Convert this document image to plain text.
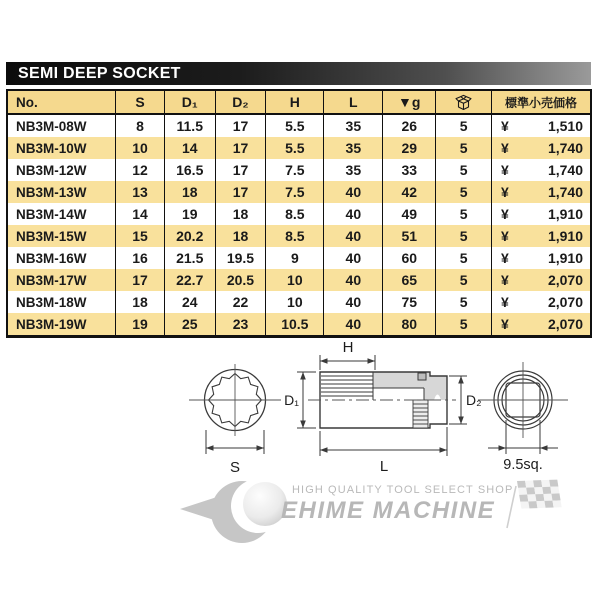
SEMI DEEP SOCKET
No.	S	D₁	D₂	H	L	▼g		標準小売価格
NB3M-08W	8	11.5	17	5.5	35	26	5	¥ 1,510

NB3M-10W	10	14	17	5.5	35	29	5	¥ 1,740

NB3M-12W	12	16.5	17	7.5	35	33	5	¥ 1,740

NB3M-13W	13	18	17	7.5	40	42	5	¥ 1,740

NB3M-14W	14	19	18	8.5	40	49	5	¥ 1,910

NB3M-15W	15	20.2	18	8.5	40	51	5	¥ 1,910

NB3M-16W	16	21.5	19.5	9	40	60	5	¥ 1,910

NB3M-17W	17	22.7	20.5	10	40	65	5	¥ 2,070

NB3M-18W	18	24	22	10	40	75	5	¥ 2,070

NB3M-19W	19	25	23	10.5	40	80	5	¥ 2,070
S
H
D₁	D₂
L	9.5sq.
HIGH QUALITY TOOL SELECT SHOP
EHIME MACHINE
